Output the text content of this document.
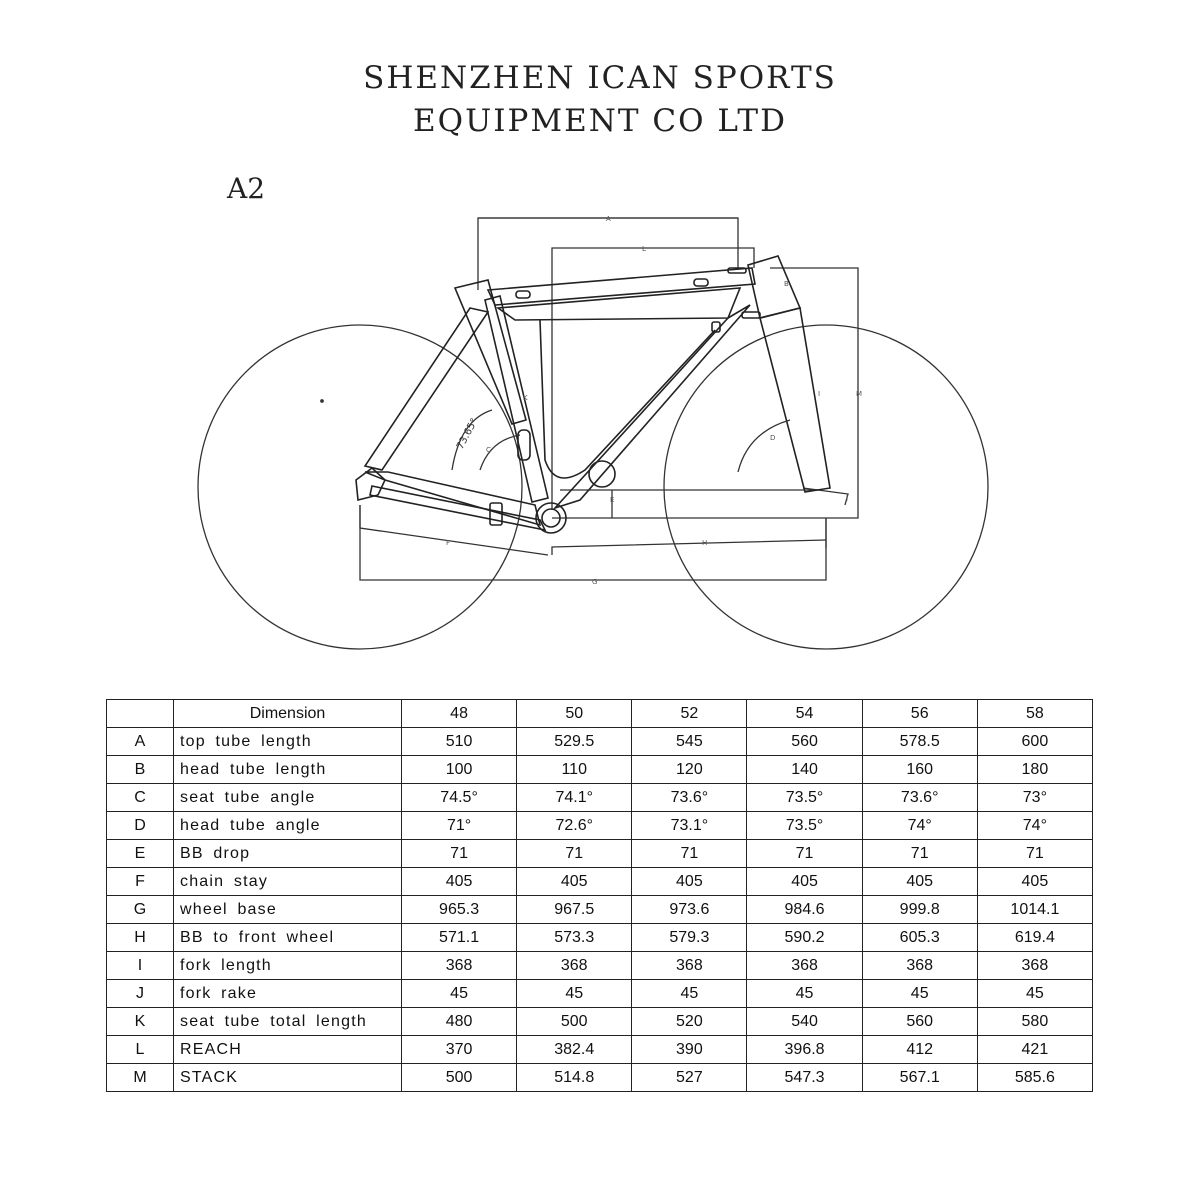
SHENZHEN ICAN SPORTS
EQUIPMENT CO LTD
A2
A
L
M
B
I
J
G
H
F
E
C
K
D
73.65°
	Dimension	48	50	52	54	56	58
A	top tube length	510	529.5	545	560	578.5	600
B	head tube length	100	110	120	140	160	180
C	seat tube angle	74.5°	74.1°	73.6°	73.5°	73.6°	73°
D	head tube angle	71°	72.6°	73.1°	73.5°	74°	74°
E	BB drop	71	71	71	71	71	71
F	chain stay	405	405	405	405	405	405
G	wheel base	965.3	967.5	973.6	984.6	999.8	1014.1
H	BB to front wheel	571.1	573.3	579.3	590.2	605.3	619.4
I	fork length	368	368	368	368	368	368
J	fork rake	45	45	45	45	45	45
K	seat tube total length	480	500	520	540	560	580
L	REACH	370	382.4	390	396.8	412	421
M	STACK	500	514.8	527	547.3	567.1	585.6
